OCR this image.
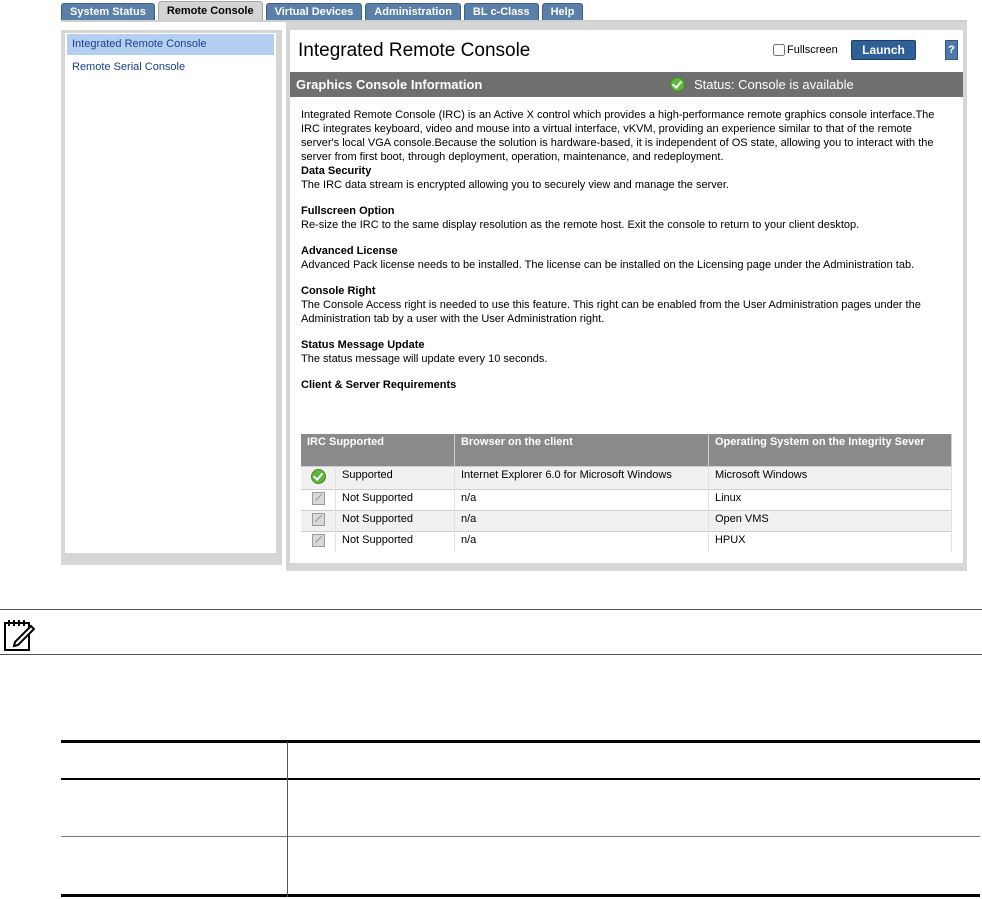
System Status	Remote Console	Virtual Devices	Administration	BL c-Class	Help
Integrated Remote Console
Remote Serial Console
Integrated Remote Console	Fullscreen	Launch	?
Graphics Console Information	Status: Console is available

Integrated Remote Console (IRC) is an Active X control which provides a high-performance remote graphics console interface.The IRC integrates keyboard, video and mouse into a virtual interface, vKVM, providing an experience similar to that of the remote server's local VGA console.Because the solution is hardware-based, it is independent of OS state, allowing you to interact with the server from first boot, through deployment, operation, maintenance, and redeployment.

Data Security

The IRC data stream is encrypted allowing you to securely view and manage the server.

Fullscreen Option

Re-size the IRC to the same display resolution as the remote host. Exit the console to return to your client desktop.

Advanced License

Advanced Pack license needs to be installed. The license can be installed on the Licensing page under the Administration tab.

Console Right

The Console Access right is needed to use this feature. This right can be enabled from the User Administration pages under the Administration tab by a user with the User Administration right.

Status Message Update

The status message will update every 10 seconds.

Client & Server Requirements
IRC Supported		Browser on the client	Operating System on the Integrity Sever
	Supported	Internet Explorer 6.0 for Microsoft Windows	Microsoft Windows
	Not Supported	n/a	Linux
	Not Supported	n/a	Open VMS
	Not Supported	n/a	HPUX
